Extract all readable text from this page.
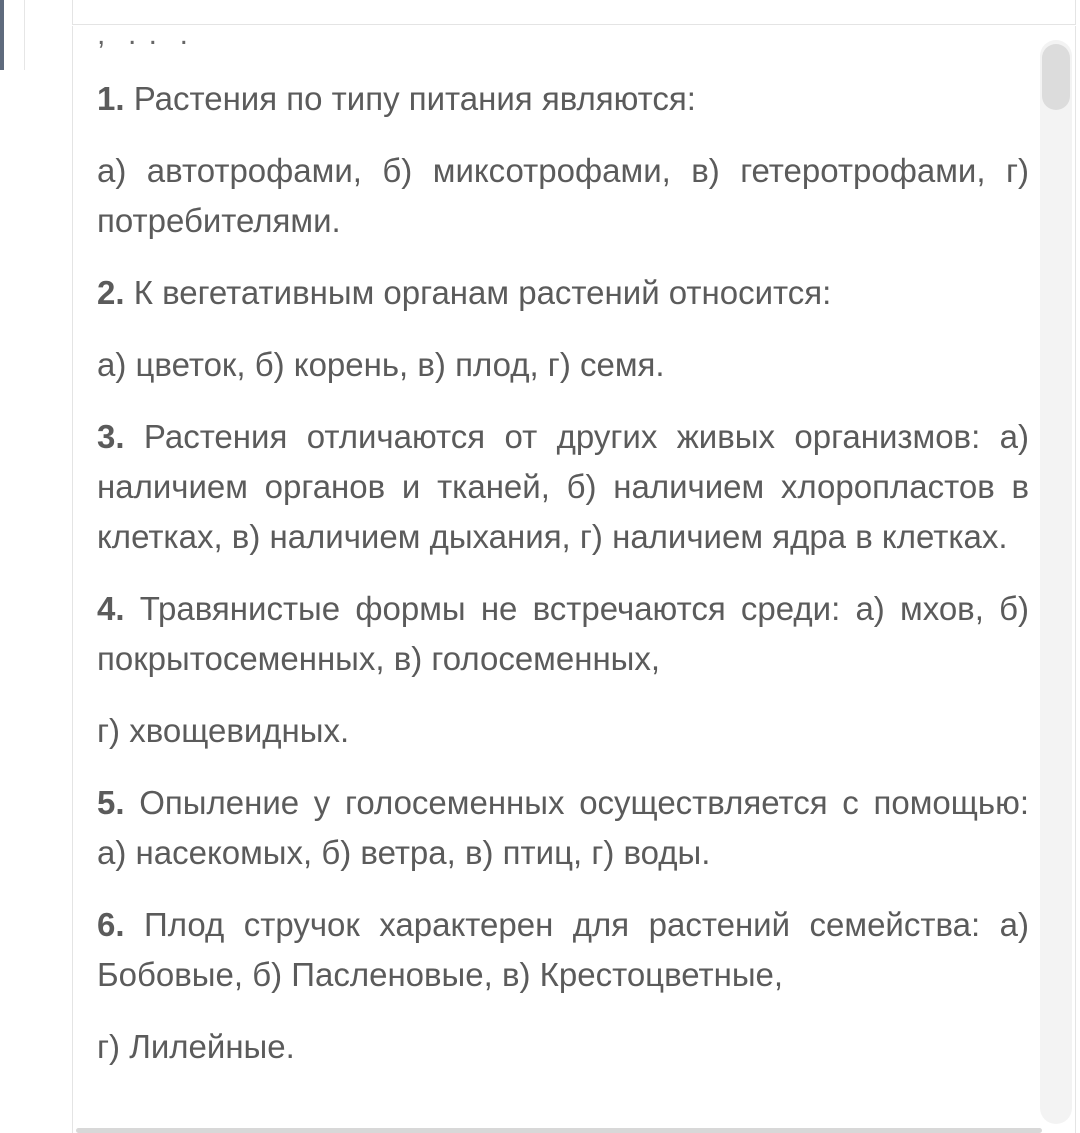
,  . .  .

1. Растения по типу питания являются:

а) автотрофами, б) миксотрофами, в) гетеротрофами, г) потребителями.

2. К вегетативным органам растений относится:

а) цветок, б) корень, в) плод, г) семя.

3. Растения отличаются от других живых организмов: а) наличием органов и тканей, б) наличием хлоропластов в клетках, в) наличием дыхания, г) наличием ядра в клетках.

4. Травянистые формы не встречаются среди: а) мхов, б) покрытосеменных, в) голосеменных,

г) хвощевидных.

5. Опыление у голосеменных осуществляется с помощью: а) насекомых, б) ветра, в) птиц, г) воды.

6. Плод стручок характерен для растений семейства: а) Бобовые, б) Пасленовые, в) Крестоцветные,

г) Лилейные.
